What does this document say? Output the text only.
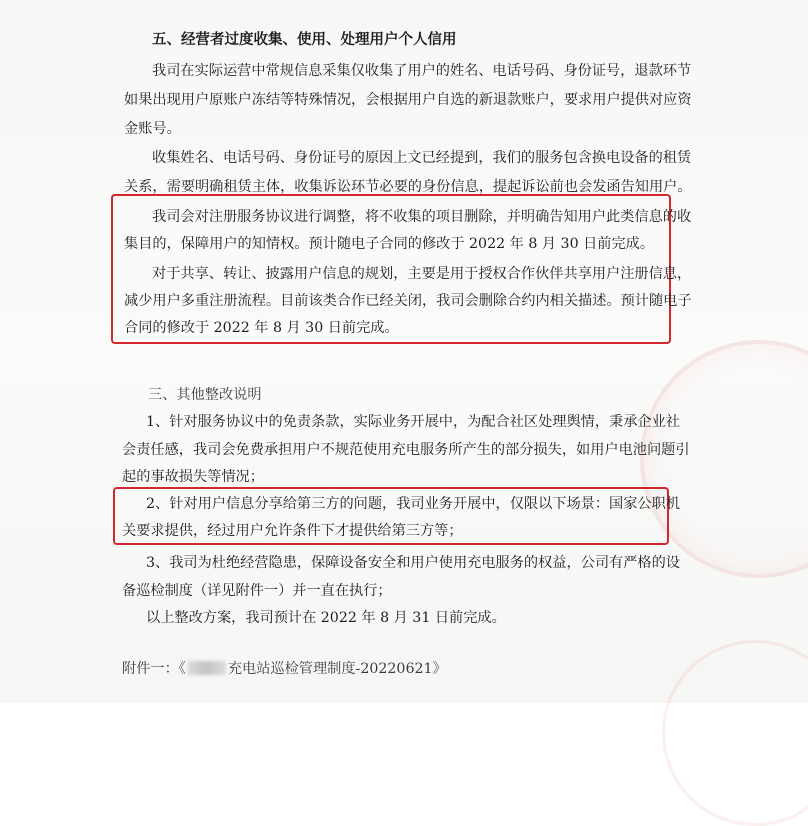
五、经营者过度收集、使用、处理用户个人信用
我司在实际运营中常规信息采集仅收集了用户的姓名、电话号码、身份证号，退款环节
如果出现用户原账户冻结等特殊情况，会根据用户自选的新退款账户，要求用户提供对应资
金账号。
收集姓名、电话号码、身份证号的原因上文已经提到，我们的服务包含换电设备的租赁
关系，需要明确租赁主体，收集诉讼环节必要的身份信息，提起诉讼前也会发函告知用户。
我司会对注册服务协议进行调整，将不收集的项目删除，并明确告知用户此类信息的收
集目的，保障用户的知情权。预计随电子合同的修改于 2022 年 8 月 30 日前完成。
对于共享、转让、披露用户信息的规划，主要是用于授权合作伙伴共享用户注册信息，
减少用户多重注册流程。目前该类合作已经关闭，我司会删除合约内相关描述。预计随电子
合同的修改于 2022 年 8 月 30 日前完成。
三、其他整改说明
1、针对服务协议中的免责条款，实际业务开展中，为配合社区处理舆情，秉承企业社
会责任感，我司会免费承担用户不规范使用充电服务所产生的部分损失，如用户电池问题引
起的事故损失等情况；
2、针对用户信息分享给第三方的问题，我司业务开展中，仅限以下场景：国家公职机
关要求提供，经过用户允许条件下才提供给第三方等；
3、我司为杜绝经营隐患，保障设备安全和用户使用充电服务的权益，公司有严格的设
备巡检制度（详见附件一）并一直在执行；
以上整改方案，我司预计在 2022 年 8 月 31 日前完成。
附件一：《	充电站巡检管理制度-20220621》
